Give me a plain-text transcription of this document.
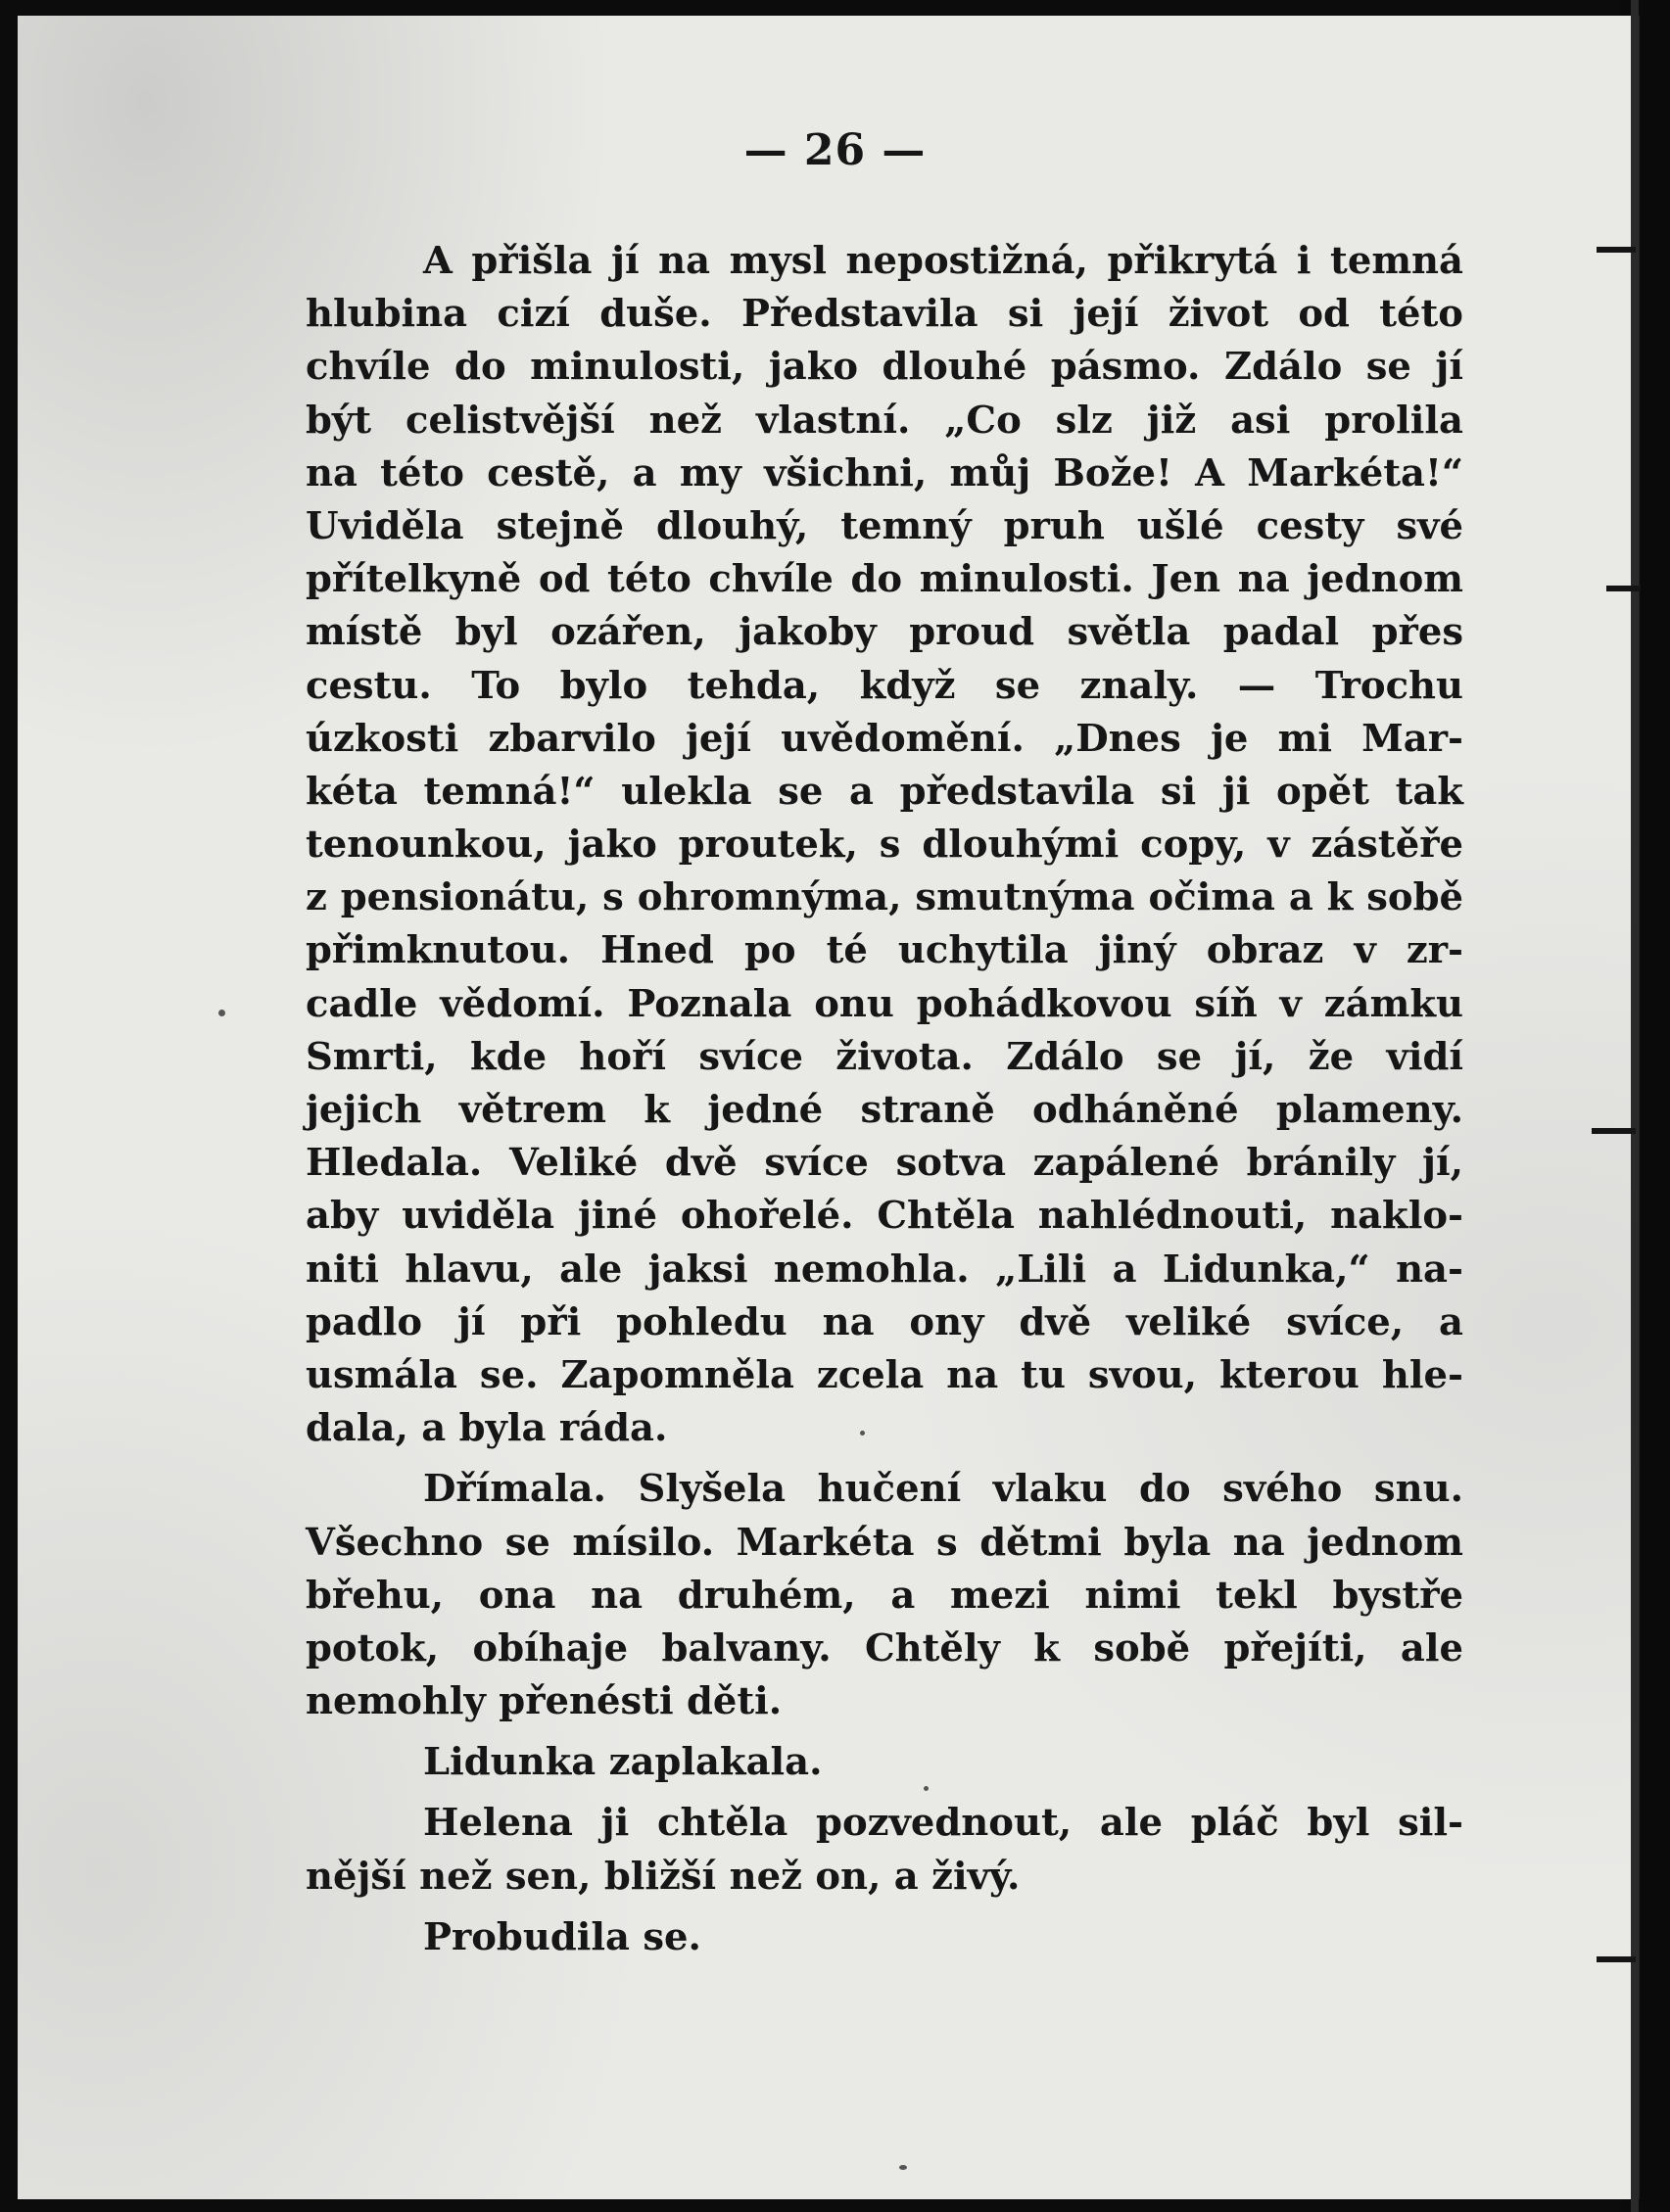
— 26 —
A přišla jí na mysl nepostižná, přikrytá i temná
hlubina cizí duše. Představila si její život od této
chvíle do minulosti, jako dlouhé pásmo. Zdálo se jí
být celistvější než vlastní. „Co slz již asi prolila
na této cestě, a my všichni, můj Bože! A Markéta!“
Uviděla stejně dlouhý, temný pruh ušlé cesty své
přítelkyně od této chvíle do minulosti. Jen na jednom
místě byl ozářen, jakoby proud světla padal přes
cestu. To bylo tehda, když se znaly. — Trochu
úzkosti zbarvilo její uvědomění. „Dnes je mi Mar-
kéta temná!“ ulekla se a představila si ji opět tak
tenounkou, jako proutek, s dlouhými copy, v zástěře
z pensionátu, s ohromnýma, smutnýma očima a k sobě
přimknutou. Hned po té uchytila jiný obraz v zr-
cadle vědomí. Poznala onu pohádkovou síň v zámku
Smrti, kde hoří svíce života. Zdálo se jí, že vidí
jejich větrem k jedné straně odháněné plameny.
Hledala. Veliké dvě svíce sotva zapálené bránily jí,
aby uviděla jiné ohořelé. Chtěla nahlédnouti, naklo-
niti hlavu, ale jaksi nemohla. „Lili a Lidunka,“ na-
padlo jí při pohledu na ony dvě veliké svíce, a
usmála se. Zapomněla zcela na tu svou, kterou hle-
dala, a byla ráda.
Dřímala. Slyšela hučení vlaku do svého snu.
Všechno se mísilo. Markéta s dětmi byla na jednom
břehu, ona na druhém, a mezi nimi tekl bystře
potok, obíhaje balvany. Chtěly k sobě přejíti, ale
nemohly přenésti děti.
Lidunka zaplakala.
Helena ji chtěla pozvednout, ale pláč byl sil-
nější než sen, bližší než on, a živý.
Probudila se.
